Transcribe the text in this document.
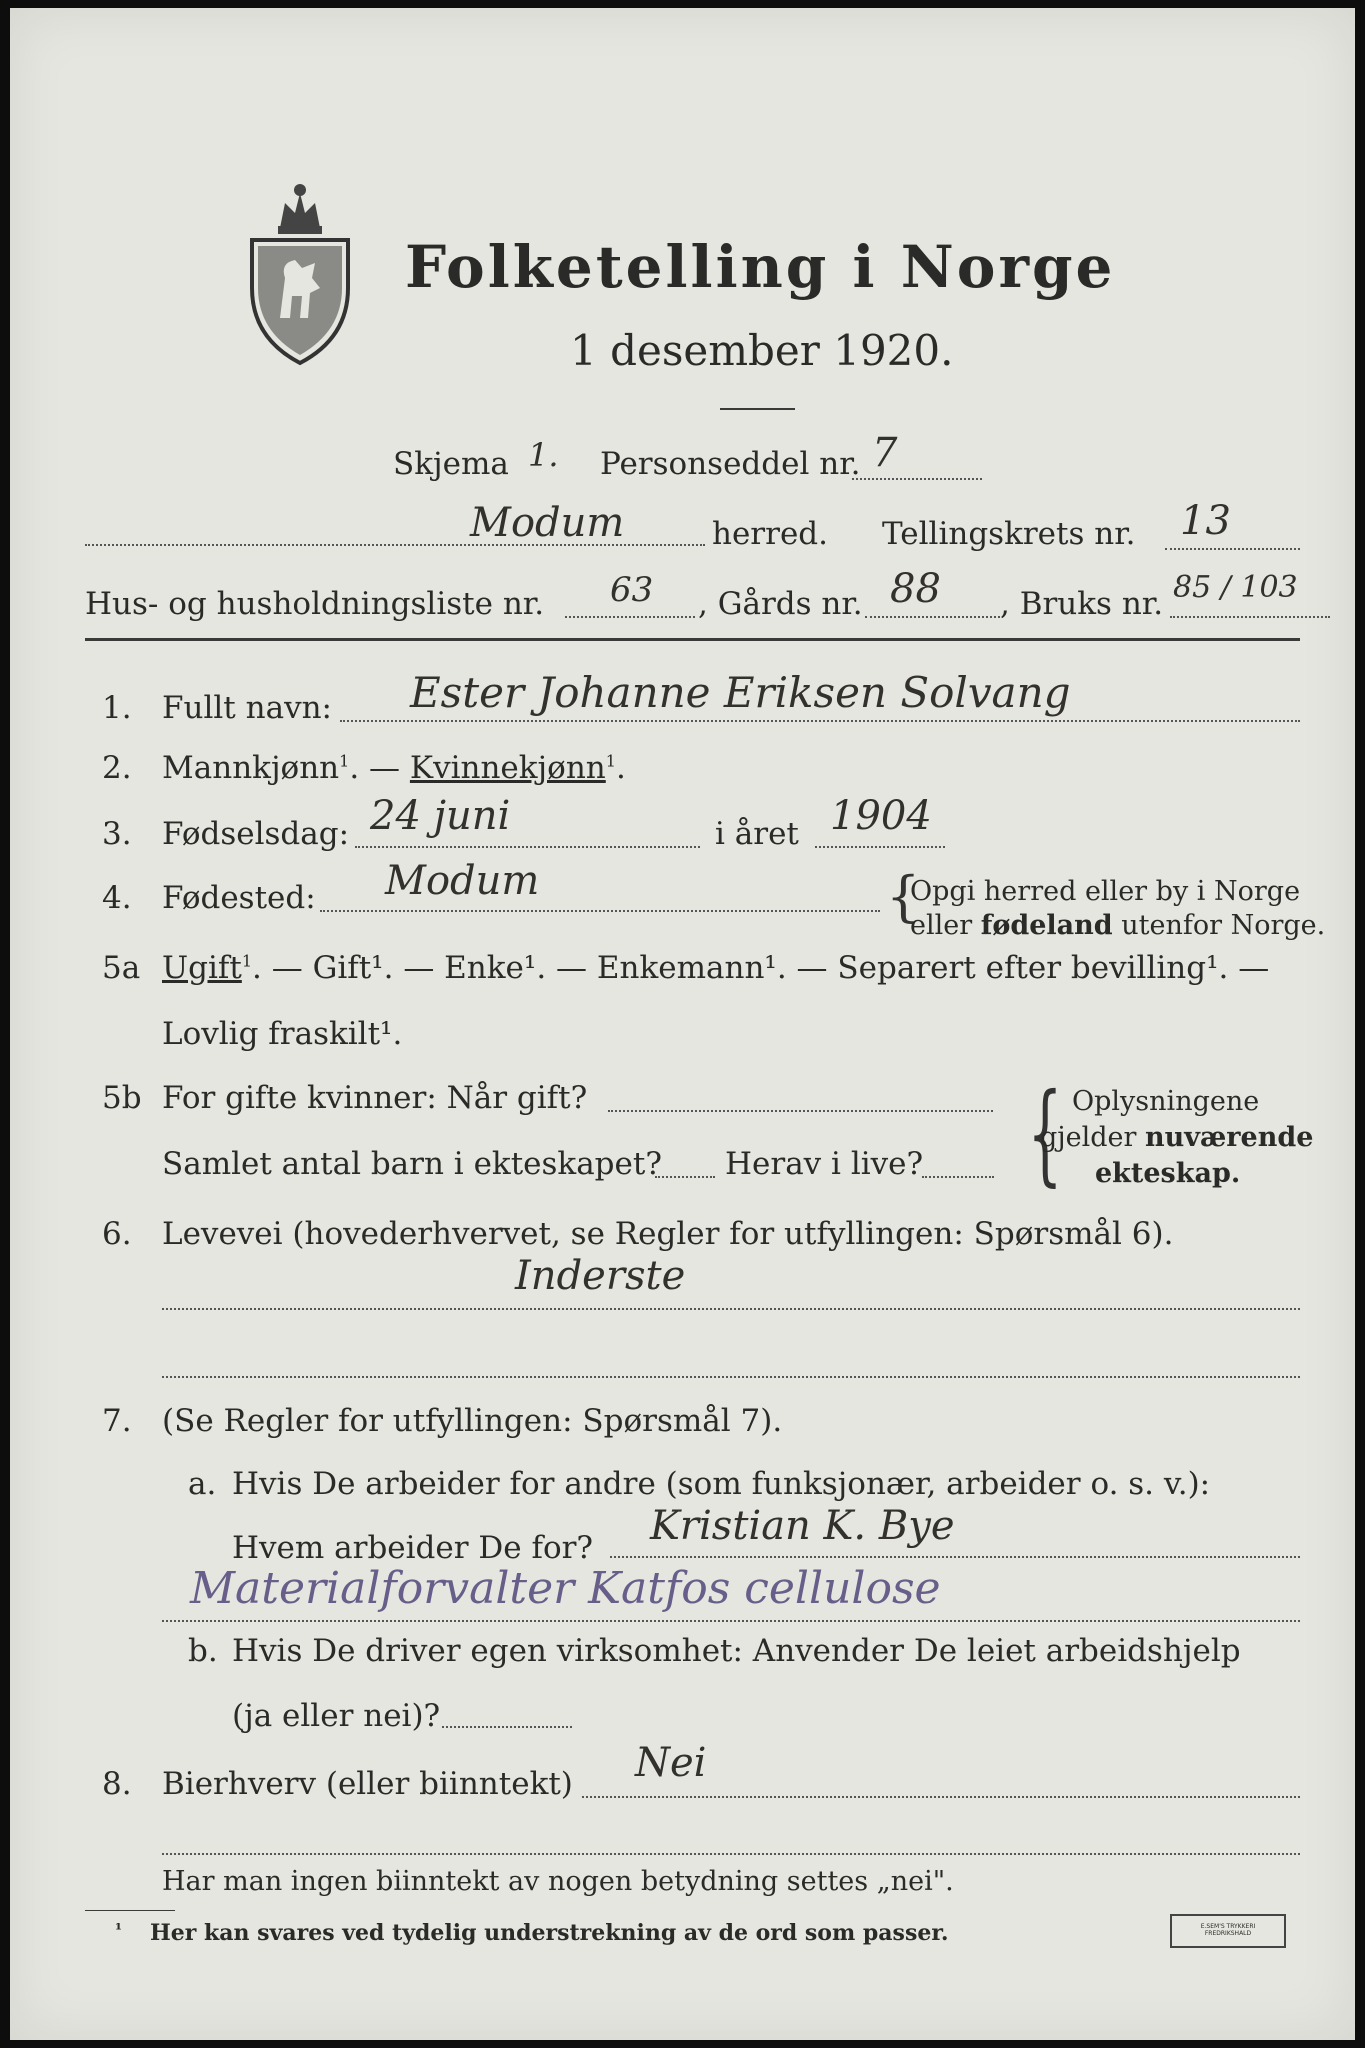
Folketelling i Norge
1 desember 1920.
Skjema 1. Personseddel nr. 7
Modum	herred. Tellingskrets nr. 13
Hus- og husholdningsliste nr. 63 , Gårds nr. 88 , Bruks nr. 85 / 103
1. Fullt navn: Ester Johanne Eriksen Solvang
2. Mannkjønn$^1$. — Kvinnekjønn$^1$.
3. Fødselsdag: 24 juni	i året 1904
4. Fødested: Modum	{
Opgi herred eller by i Norge
eller fødeland utenfor Norge.
5a Ugift$^1$. — Gift¹. — Enke¹. — Enkemann¹. — Separert efter bevilling¹. —
Lovlig fraskilt¹.
5b For gifte kvinner: Når gift?
Samlet antal barn i ekteskapet? Herav i live? { Oplysningene
gjelder nuværende
ekteskap.
6. Levevei (hovederhvervet, se Regler for utfyllingen: Spørsmål 6).
Inderste
7. (Se Regler for utfyllingen: Spørsmål 7).
a. Hvis De arbeider for andre (som funksjonær, arbeider o. s. v.):
Hvem arbeider De for? Kristian K. Bye
Materialforvalter Katfos cellulose
b. Hvis De driver egen virksomhet: Anvender De leiet arbeidshjelp
(ja eller nei)?
8. Bierhverv (eller biinntekt) Nei
Har man ingen biinntekt av nogen betydning settes „nei".
¹ Her kan svares ved tydelig understrekning av de ord som passer.	E.SEM'S TRYKKERI FREDRIKSHALD
